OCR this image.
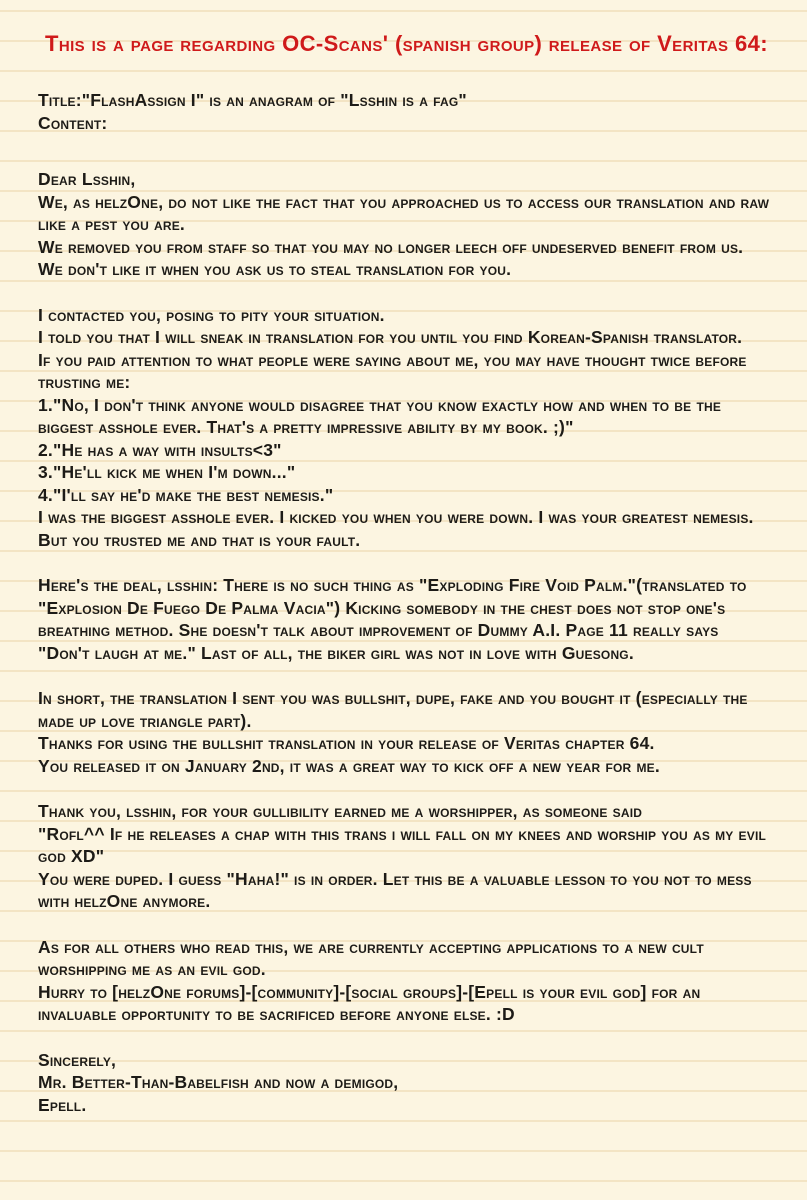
This is a page regarding OC-Scans' (spanish group) release of Veritas 64:
Title:"FlashAssign I" is an anagram of "Lsshin is a fag"
Content:
Dear Lsshin,
We, as helzOne, do not like the fact that you approached us to access our translation and raw like a pest you are.
We removed you from staff so that you may no longer leech off undeserved benefit from us.
We don't like it when you ask us to steal translation for you.
I contacted you, posing to pity your situation.
I told you that I will sneak in translation for you until you find Korean-Spanish translator.
If you paid attention to what people were saying about me, you may have thought twice before trusting me:
1."No, I don't think anyone would disagree that you know exactly how and when to be the biggest asshole ever. That's a pretty impressive ability by my book. ;)"
2."He has a way with insults<3"
3."He'll kick me when I'm down..."
4."I'll say he'd make the best nemesis."
I was the biggest asshole ever. I kicked you when you were down. I was your greatest nemesis.
But you trusted me and that is your fault.
Here's the deal, lsshin: There is no such thing as "Exploding Fire Void Palm."(translated to "Explosion De Fuego De Palma Vacia") Kicking somebody in the chest does not stop one's breathing method. She doesn't talk about improvement of Dummy A.I. Page 11 really says "Don't laugh at me." Last of all, the biker girl was not in love with Guesong.
In short, the translation I sent you was bullshit, dupe, fake and you bought it (especially the made up love triangle part).
Thanks for using the bullshit translation in your release of Veritas chapter 64.
You released it on January 2nd, it was a great way to kick off a new year for me.
Thank you, lsshin, for your gullibility earned me a worshipper, as someone said
"Rofl^^ If he releases a chap with this trans i will fall on my knees and worship you as my evil god XD"
You were duped. I guess "Haha!" is in order. Let this be a valuable lesson to you not to mess with helzOne anymore.
As for all others who read this, we are currently accepting applications to a new cult worshipping me as an evil god.
Hurry to [helzOne forums]-[community]-[social groups]-[Epell is your evil god] for an invaluable opportunity to be sacrificed before anyone else. :D
Sincerely,
Mr. Better-Than-Babelfish and now a demigod,
Epell.
